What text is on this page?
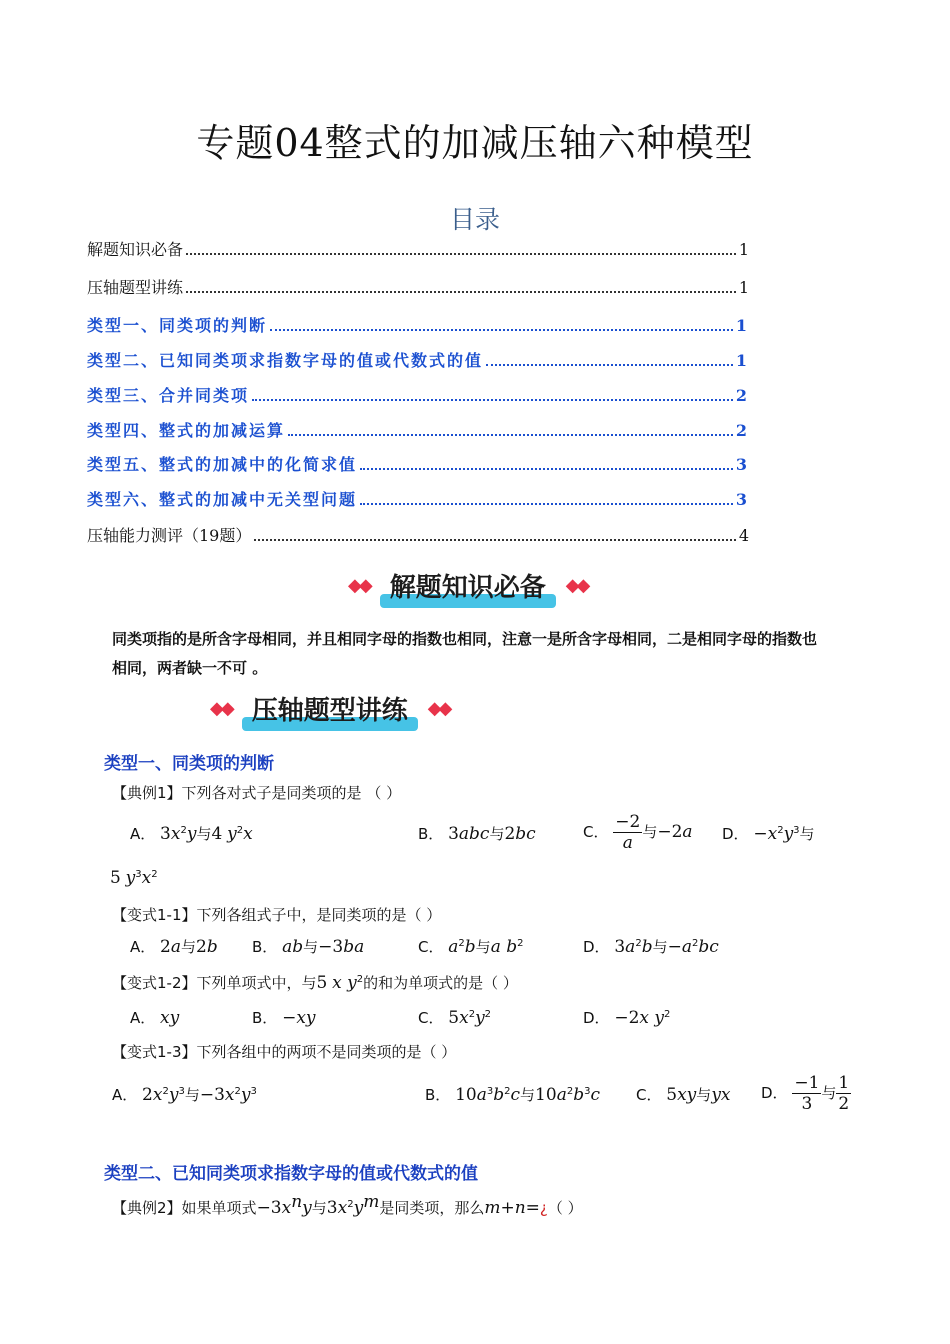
专题04整式的加减压轴六种模型
目录
解题知识必备	1
压轴题型讲练	1
类型一、同类项的判断	1
类型二、已知同类项求指数字母的值或代数式的值	1
类型三、合并同类项	2
类型四、整式的加减运算	2
类型五、整式的加减中的化简求值	3
类型六、整式的加减中无关型问题	3
压轴能力测评（19题）	4
◆◆ 解题知识必备	◆◆
同类项指的是所含字母相同，并且相同字母的指数也相同，注意一是所含字母相同，二是相同字母的指数也
相同，两者缺一不可 。
◆◆ 压轴题型讲练	◆◆
类型一、同类项的判断
【典例1】下列各对式子是同类项的是 （ ）
A． $3x^2y$与4 $y^2x$	B． 3abc与2bc	C． $\frac{-2}{a}$ 与−2a D． $-x^2y^3$与
5 $y^3x^2$
【变式1-1】下列各组式子中，是同类项的是（ ）
A． 2a与2b B． ab与−3ba	C． $a^2b$与a $b^2$	D． $3a^2b$与$-a^2bc$
【变式1-2】下列单项式中，与5 x $y^2$的和为单项式的是（ ）
A． xy	B． −xy	C． $5x^2y^2$	D． −2x $y^2$
【变式1-3】下列各组中的两项不是同类项的是（ ）
A． $2x^2y^3$与$-3x^2y^3$	B． $10a^3b^2c$与$10a^2b^3c$ C． 5xy与yx D． $\frac{-1}{3}$ 与 $\frac{1}{2}$
类型二、已知同类项求指数字母的值或代数式的值
【典例2】如果单项式$-3x^ny$与$3x^2y^m$是同类项，那么m+n=¿（ ）
